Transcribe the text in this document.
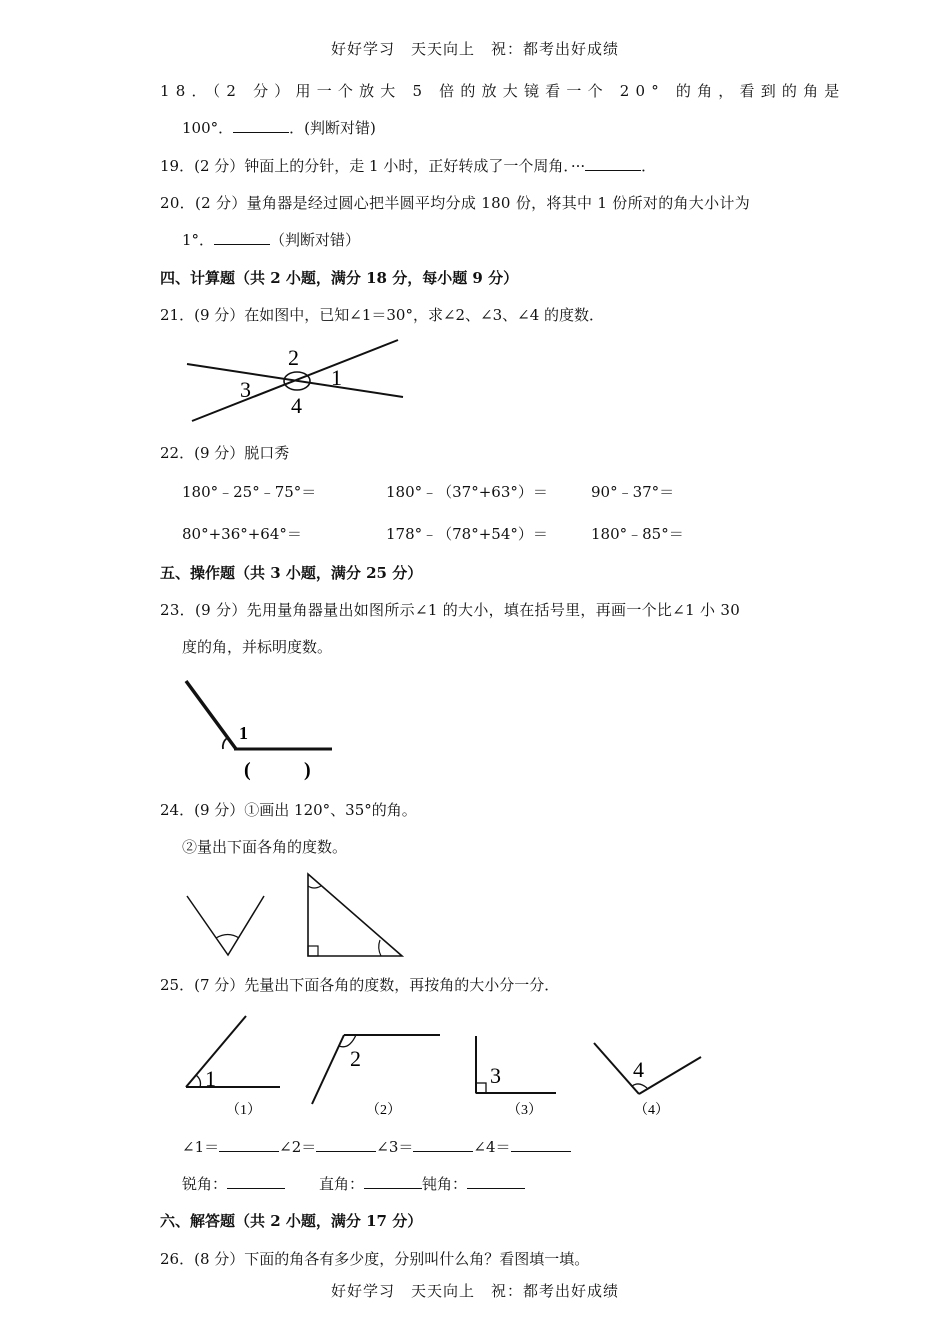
好好学习　天天向上　祝：都考出好成绩
18．（2 分）用一个放大 5 倍的放大镜看一个 20° 的角，看到的角是
100°．	．(判断对错)
19．(2 分）钟面上的分针，走 1 小时，正好转成了一个周角．···	．
20．(2 分）量角器是经过圆心把半圆平均分成 180 份，将其中 1 份所对的角大小计为
1°．	（判断对错）
四、计算题（共 2 小题，满分 18 分，每小题 9 分）
21．(9 分）在如图中，已知∠1＝30°，求∠2、∠3、∠4 的度数．
1
2
3
4
22．(9 分）脱口秀
180°﹣25°﹣75°＝	180°﹣（37°+63°）＝	90°﹣37°＝
80°+36°+64°＝	178°﹣（78°+54°）＝	180°﹣85°＝
五、操作题（共 3 小题，满分 25 分）
23．(9 分）先用量角器量出如图所示∠1 的大小，填在括号里，再画一个比∠1 小 30
度的角，并标明度数。
1
(	)
24．(9 分）①画出 120°、35°的角。
②量出下面各角的度数。
25．(7 分）先量出下面各角的度数，再按角的大小分一分．
1
（1）
2
（2）
3
（3）
4
（4）
∠1＝	∠2＝	∠3＝	∠4＝
锐角：	直角：	钝角：
六、解答题（共 2 小题，满分 17 分）
26．(8 分）下面的角各有多少度，分别叫什么角？看图填一填。
好好学习　天天向上　祝：都考出好成绩
